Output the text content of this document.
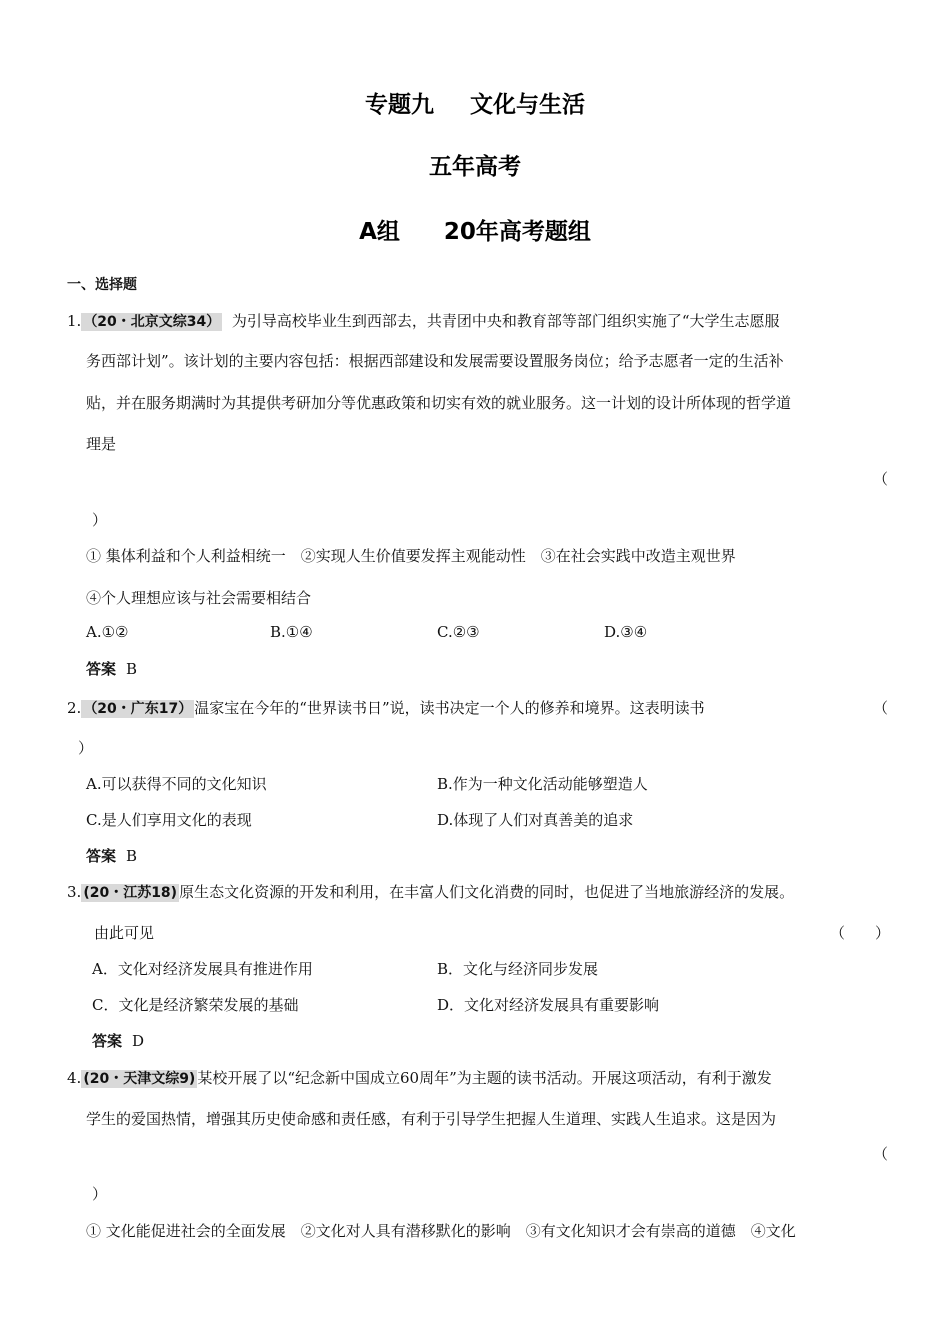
专题九 文化与生活
五年高考
A组 20年高考题组
一、选择题
1. （20・北京文综34） 为引导高校毕业生到西部去，共青团中央和教育部等部门组织实施了“大学生志愿服
务西部计划”。该计划的主要内容包括：根据西部建设和发展需要设置服务岗位；给予志愿者一定的生活补
贴，并在服务期满时为其提供考研加分等优惠政策和切实有效的就业服务。这一计划的设计所体现的哲学道
理是
（
）
① 集体利益和个人利益相统一　②实现人生价值要发挥主观能动性　③在社会实践中改造主观世界
④个人理想应该与社会需要相结合
A.①②	B.①④	C.②③	D.③④
答案 B
2. （20・广东17） 温家宝在今年的“世界读书日”说，读书决定一个人的修养和境界。这表明读书	（
）
A.可以获得不同的文化知识	B.作为一种文化活动能够塑造人
C.是人们享用文化的表现	D.体现了人们对真善美的追求
答案 B
3. (20・江苏18) 原生态文化资源的开发和利用，在丰富人们文化消费的同时，也促进了当地旅游经济的发展。
由此可见	（　　）
A．文化对经济发展具有推进作用	B．文化与经济同步发展
C．文化是经济繁荣发展的基础	D．文化对经济发展具有重要影响
答案 D
4. (20・天津文综9) 某校开展了以“纪念新中国成立60周年”为主题的读书活动。开展这项活动，有利于激发
学生的爱国热情，增强其历史使命感和责任感，有利于引导学生把握人生道理、实践人生追求。这是因为
（
）
① 文化能促进社会的全面发展　②文化对人具有潜移默化的影响　③有文化知识才会有崇高的道德　④文化
